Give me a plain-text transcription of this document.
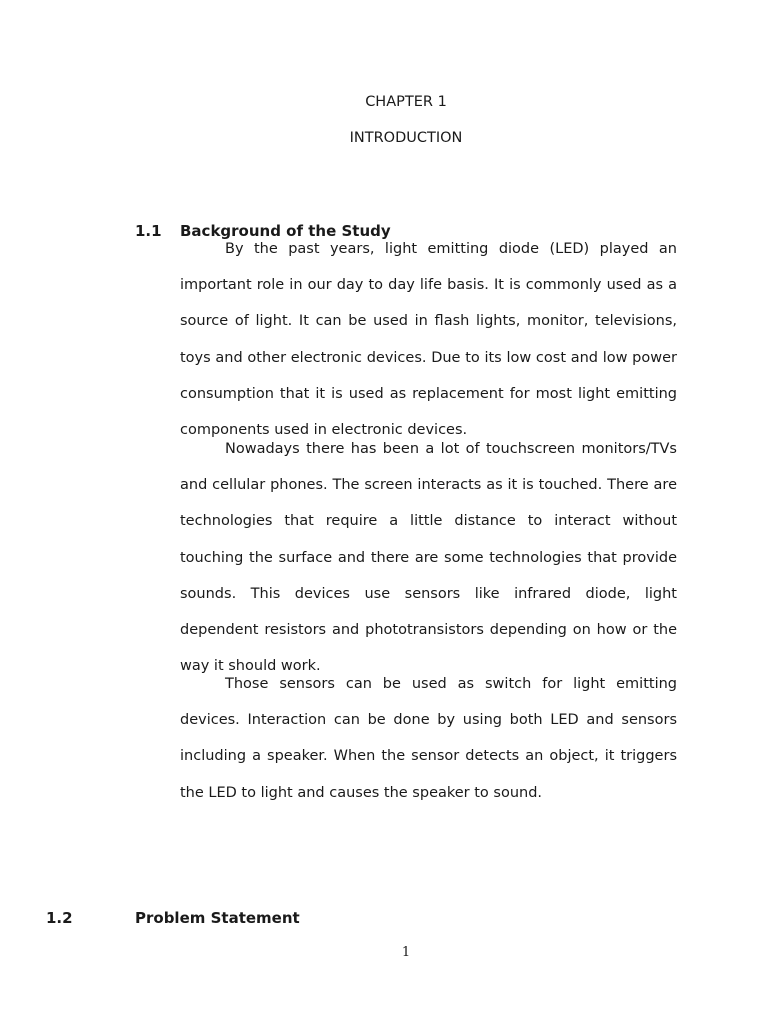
CHAPTER 1
INTRODUCTION
1.1 Background of the Study

By the past years, light emitting diode (LED) played an important role in our day to day life basis. It is commonly used as a source of light. It can be used in flash lights, monitor, televisions, toys and other electronic devices. Due to its low cost and low power consumption that it is used as replacement for most light emitting components used in electronic devices.

Nowadays there has been a lot of touchscreen monitors/TVs and cellular phones. The screen interacts as it is touched. There are technologies that require a little distance to interact without touching the surface and there are some technologies that provide sounds. This devices use sensors like infrared diode, light dependent resistors and phototransistors depending on how or the way it should work.

Those sensors can be used as switch for light emitting devices. Interaction can be done by using both LED and sensors including a speaker. When the sensor detects an object, it triggers the LED to light and causes the speaker to sound.

1.2	Problem Statement
1
